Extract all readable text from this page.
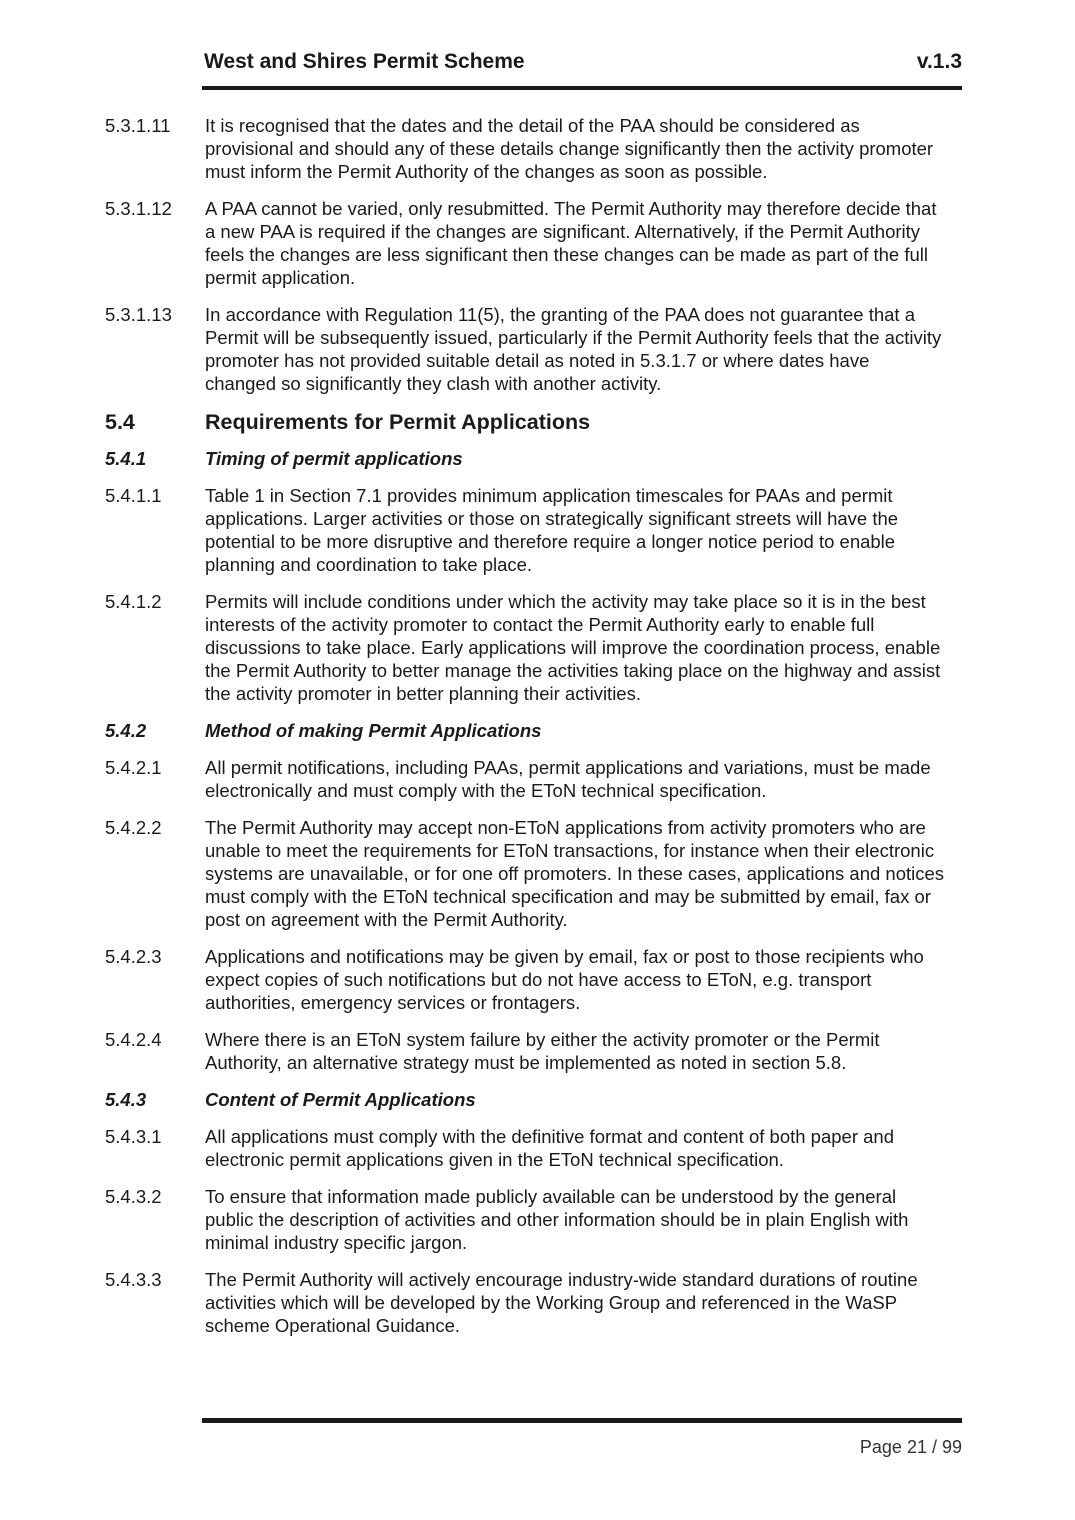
West and Shires Permit Scheme	v.1.3
5.3.1.11	It is recognised that the dates and the detail of the PAA should be considered as provisional and should any of these details change significantly then the activity promoter must inform the Permit Authority of the changes as soon as possible.
5.3.1.12	A PAA cannot be varied, only resubmitted. The Permit Authority may therefore decide that a new PAA is required if the changes are significant. Alternatively, if the Permit Authority feels the changes are less significant then these changes can be made as part of the full permit application.
5.3.1.13	In accordance with Regulation 11(5), the granting of the PAA does not guarantee that a Permit will be subsequently issued, particularly if the Permit Authority feels that the activity promoter has not provided suitable detail as noted in 5.3.1.7 or where dates have changed so significantly they clash with another activity.
5.4	Requirements for Permit Applications
5.4.1	Timing of permit applications
5.4.1.1	Table 1 in Section 7.1 provides minimum application timescales for PAAs and permit applications. Larger activities or those on strategically significant streets will have the potential to be more disruptive and therefore require a longer notice period to enable planning and coordination to take place.
5.4.1.2	Permits will include conditions under which the activity may take place so it is in the best interests of the activity promoter to contact the Permit Authority early to enable full discussions to take place. Early applications will improve the coordination process, enable the Permit Authority to better manage the activities taking place on the highway and assist the activity promoter in better planning their activities.
5.4.2	Method of making Permit Applications
5.4.2.1	All permit notifications, including PAAs, permit applications and variations, must be made electronically and must comply with the EToN technical specification.
5.4.2.2	The Permit Authority may accept non-EToN applications from activity promoters who are unable to meet the requirements for EToN transactions, for instance when their electronic systems are unavailable, or for one off promoters. In these cases, applications and notices must comply with the EToN technical specification and may be submitted by email, fax or post on agreement with the Permit Authority.
5.4.2.3	Applications and notifications may be given by email, fax or post to those recipients who expect copies of such notifications but do not have access to EToN, e.g. transport authorities, emergency services or frontagers.
5.4.2.4	Where there is an EToN system failure by either the activity promoter or the Permit Authority, an alternative strategy must be implemented as noted in section 5.8.
5.4.3	Content of Permit Applications
5.4.3.1	All applications must comply with the definitive format and content of both paper and electronic permit applications given in the EToN technical specification.
5.4.3.2	To ensure that information made publicly available can be understood by the general public the description of activities and other information should be in plain English with minimal industry specific jargon.
5.4.3.3	The Permit Authority will actively encourage industry-wide standard durations of routine activities which will be developed by the Working Group and referenced in the WaSP scheme Operational Guidance.
Page 21 / 99
